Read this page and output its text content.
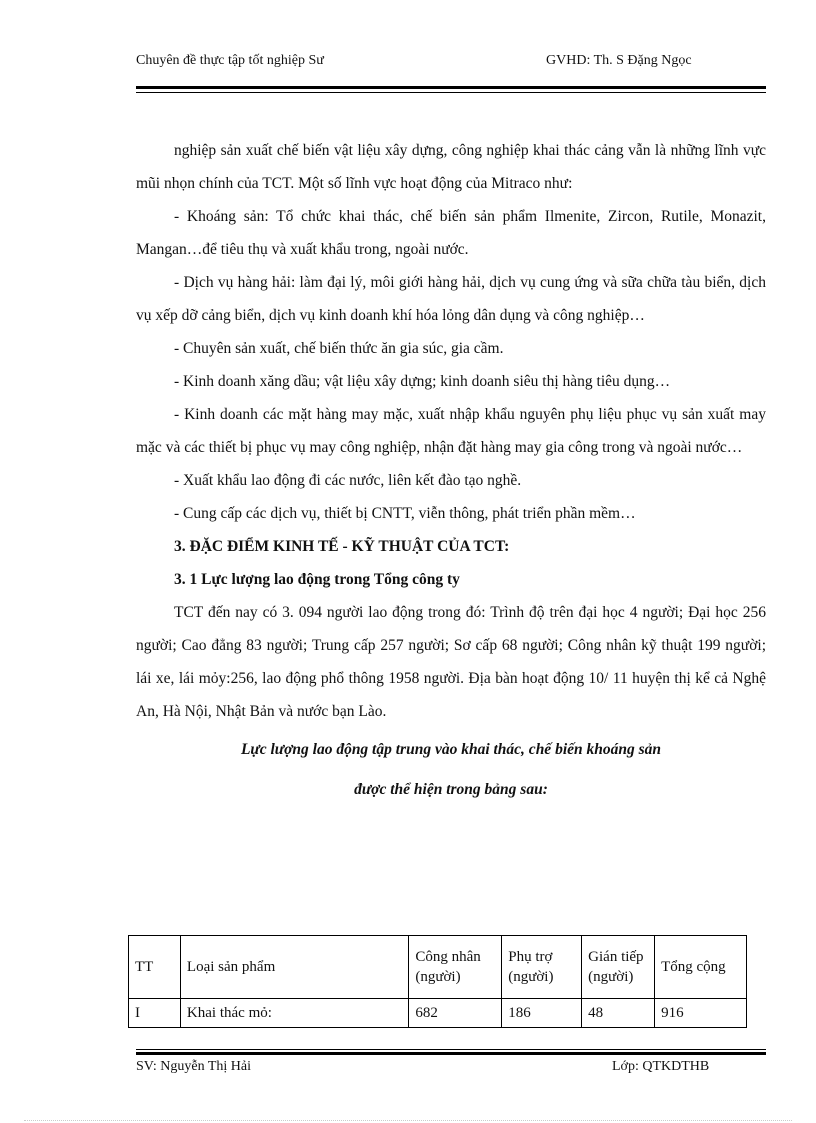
Chuyên đề thực tập tốt nghiệp Sư	GVHD: Th. S Đặng Ngọc

nghiệp sản xuất chế biến vật liệu xây dựng, công nghiệp khai thác cảng vẫn là những lĩnh vực mũi nhọn chính của TCT. Một số lĩnh vực hoạt động của Mitraco như:

- Khoáng sản: Tổ chức khai thác, chế biến sản phẩm Ilmenite, Zircon, Rutile, Monazit, Mangan…để tiêu thụ và xuất khẩu trong, ngoài nước.

- Dịch vụ hàng hải: làm đại lý, môi giới hàng hải, dịch vụ cung ứng và sữa chữa tàu biển, dịch vụ xếp dỡ cảng biển, dịch vụ kinh doanh khí hóa lỏng dân dụng và công nghiệp…

- Chuyên sản xuất, chế biến thức ăn gia súc, gia cầm.

- Kinh doanh xăng dầu; vật liệu xây dựng; kinh doanh siêu thị hàng tiêu dụng…

- Kinh doanh các mặt hàng may mặc, xuất nhập khẩu nguyên phụ liệu phục vụ sản xuất may mặc và các thiết bị phục vụ may công nghiệp, nhận đặt hàng may gia công trong và ngoài nước…

- Xuất khẩu lao động đi các nước, liên kết đào tạo nghề.

- Cung cấp các dịch vụ, thiết bị CNTT, viễn thông, phát triển phần mềm…

3. ĐẶC ĐIỂM KINH TẾ - KỸ THUẬT CỦA TCT:

3. 1 Lực lượng lao động trong Tổng công ty

TCT đến nay có 3. 094 người lao động trong đó: Trình độ trên đại học 4 người; Đại học 256 người; Cao đẳng 83 người; Trung cấp 257 người; Sơ cấp 68 người; Công nhân kỹ thuật 199 người; lái xe, lái mỏy:256, lao động phổ thông 1958 người. Địa bàn hoạt động 10/ 11 huyện thị kể cả Nghệ An, Hà Nội, Nhật Bản và nước bạn Lào.

Lực lượng lao động tập trung vào khai thác, chế biến khoáng sản

được thể hiện trong bảng sau:

TT	Loại sản phẩm	Công nhân (người)	Phụ trợ (người)	Gián tiếp (người)	Tổng cộng
I	Khai thác mỏ:	682	186	48	916
SV: Nguyễn Thị Hải	Lớp: QTKDTHB
